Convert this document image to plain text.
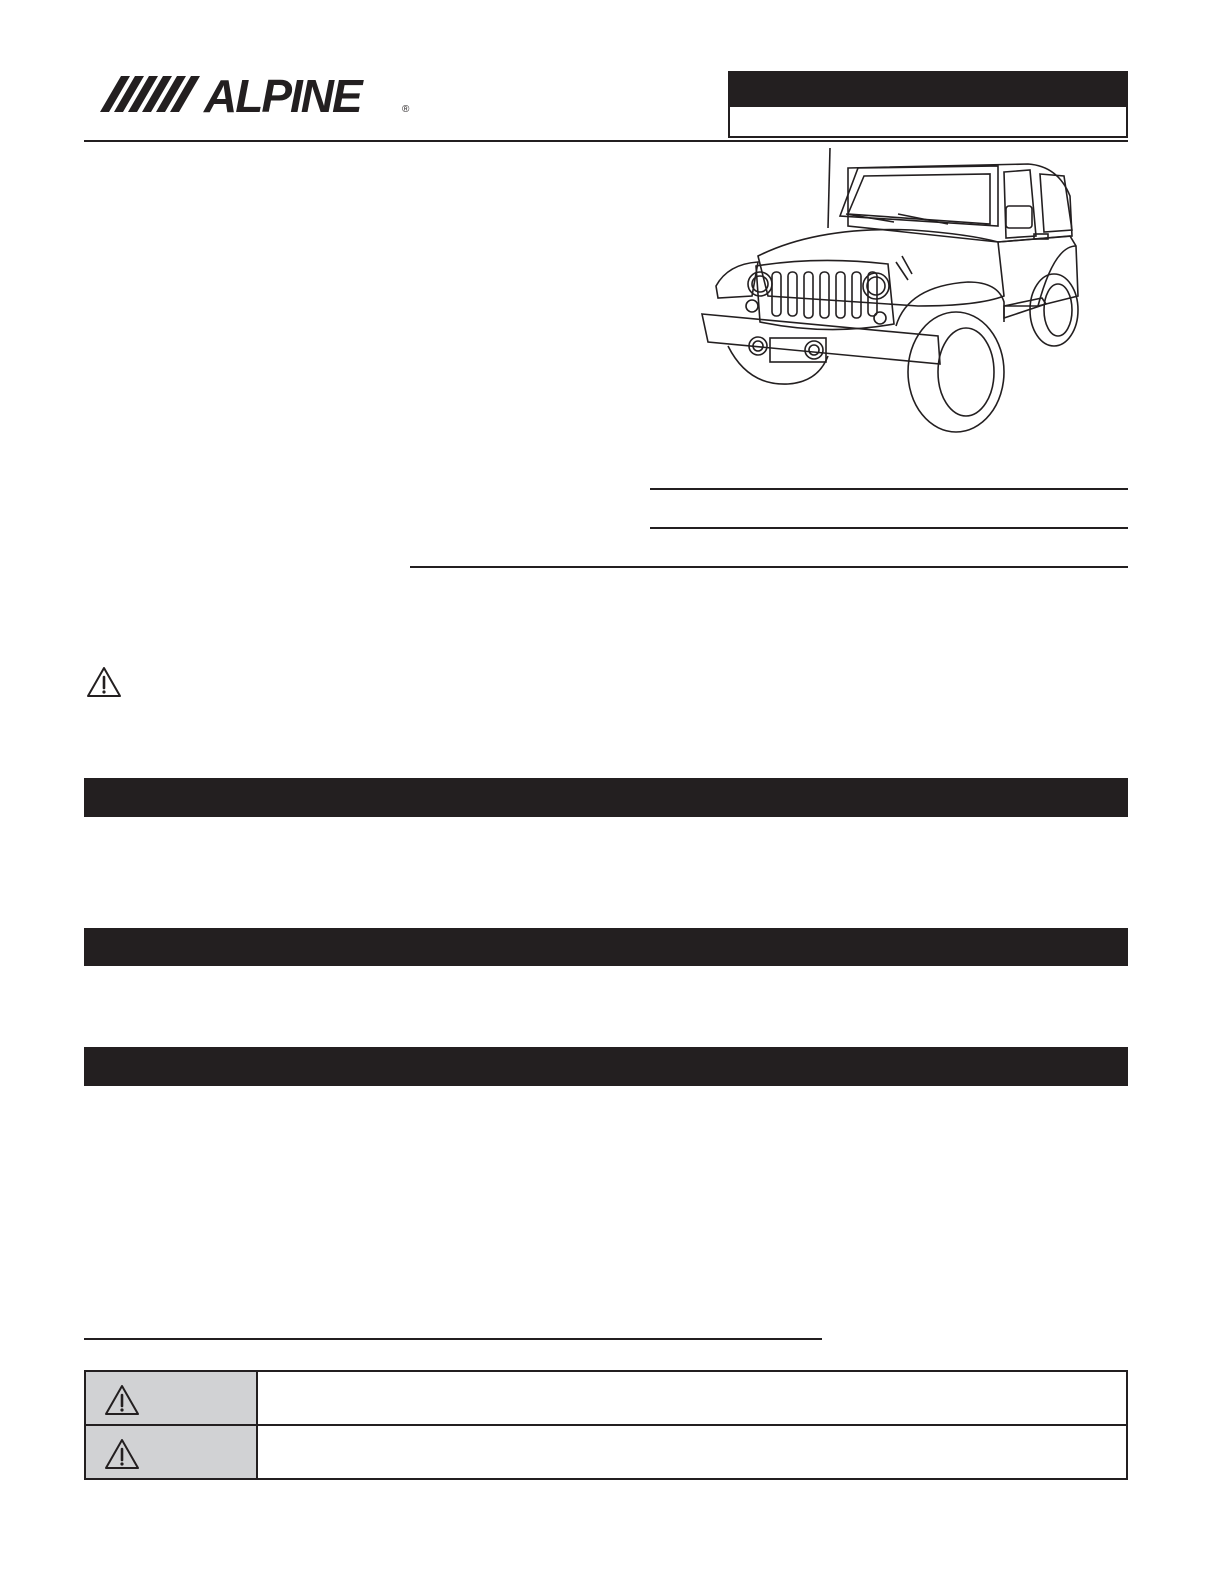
ALPINE	®
